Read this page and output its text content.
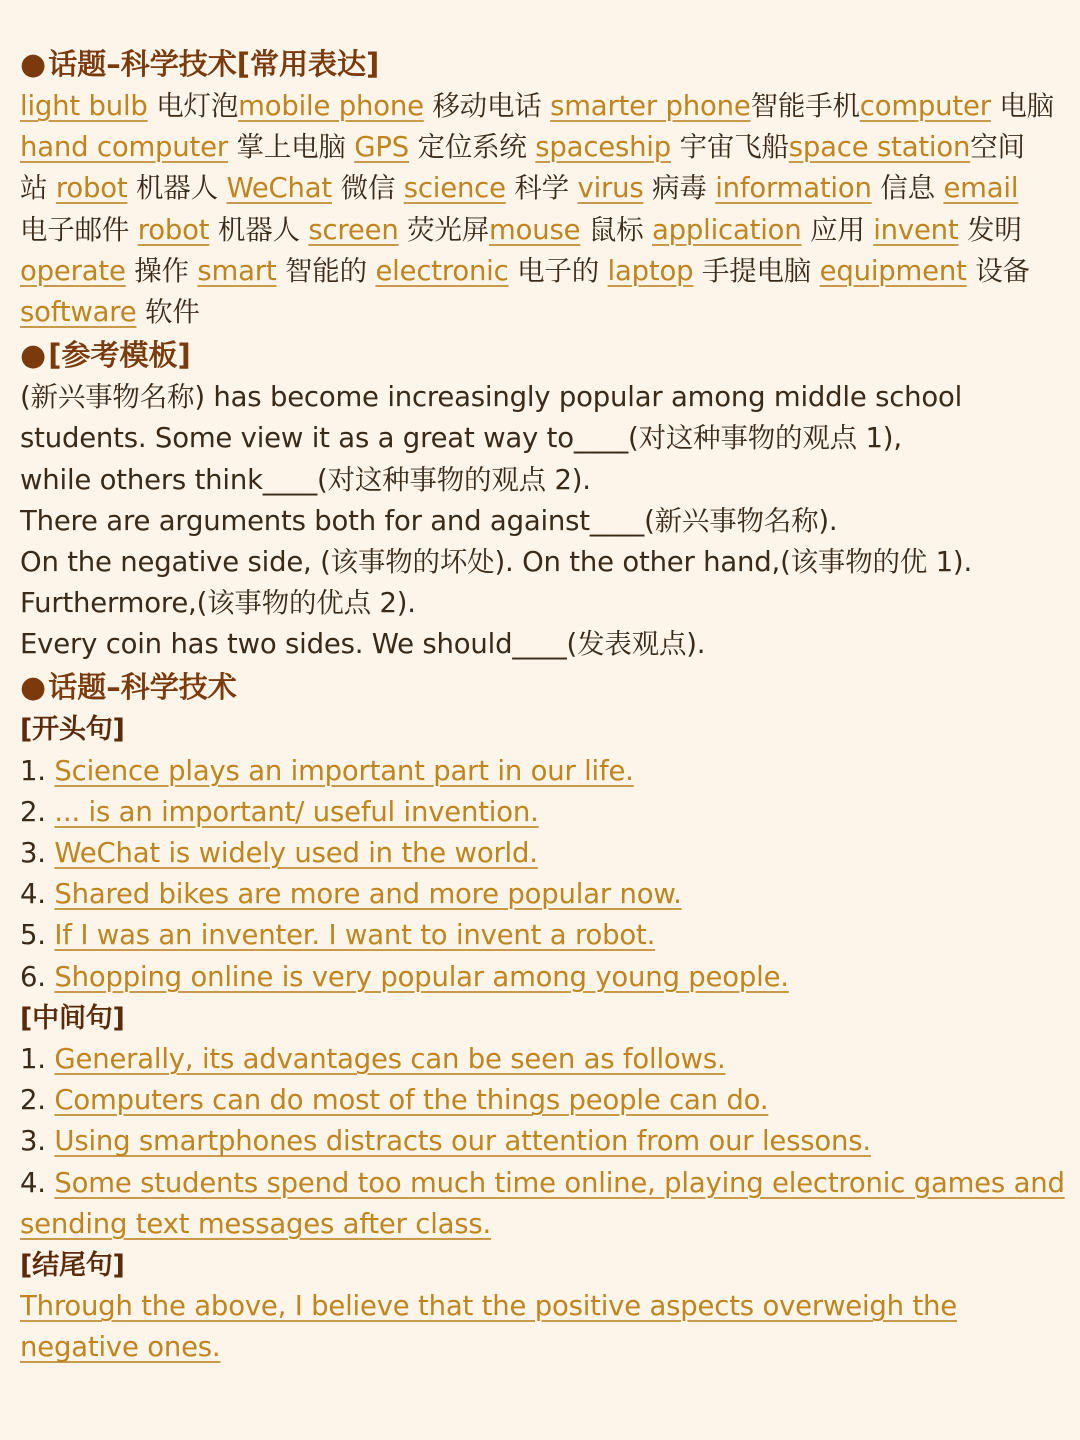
●话题–科学技术[常用表达]
light bulb 电灯泡mobile phone 移动电话 smarter phone智能手机computer 电脑
hand computer 掌上电脑 GPS 定位系统 spaceship 宇宙飞船space station空间
站 robot 机器人 WeChat 微信 science 科学 virus 病毒 information 信息 email
电子邮件 robot 机器人 screen 荧光屏mouse 鼠标 application 应用 invent 发明
operate 操作 smart 智能的 electronic 电子的 laptop 手提电脑 equipment 设备
software 软件
●[参考模板]
(新兴事物名称) has become increasingly popular among middle school
students. Some view it as a great way to____(对这种事物的观点 1),
while others think____(对这种事物的观点 2).
There are arguments both for and against____(新兴事物名称).
On the negative side, (该事物的坏处). On the other hand,(该事物的优 1).
Furthermore,(该事物的优点 2).
Every coin has two sides. We should____(发表观点).
●话题–科学技术
[开头句]
1. Science plays an important part in our life.
2. ... is an important/ useful invention.
3. WeChat is widely used in the world.
4. Shared bikes are more and more popular now.
5. If I was an inventer. I want to invent a robot.
6. Shopping online is very popular among young people.
[中间句]
1. Generally, its advantages can be seen as follows.
2. Computers can do most of the things people can do.
3. Using smartphones distracts our attention from our lessons.
4. Some students spend too much time online, playing electronic games and
sending text messages after class.
[结尾句]
Through the above, I believe that the positive aspects overweigh the
negative ones.
